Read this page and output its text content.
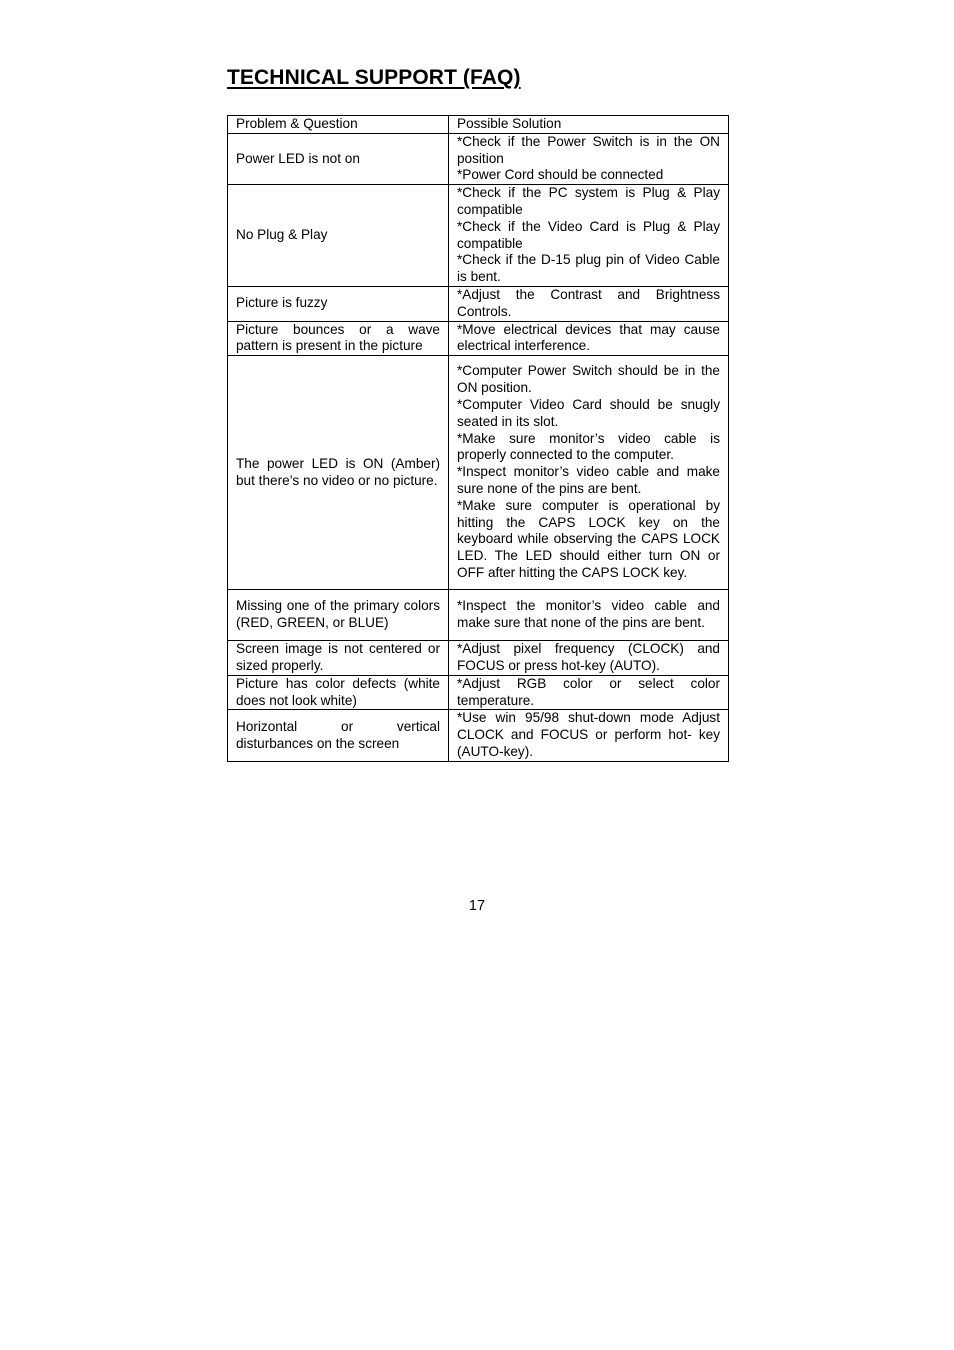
TECHNICAL SUPPORT (FAQ)
Problem & Question	Possible Solution
Power LED is not on	*Check if the Power Switch is in the ON position
*Power Cord should be connected

No Plug & Play	*Check if the PC system is Plug & Play compatible
*Check if the Video Card is Plug & Play compatible
*Check if the D-15 plug pin of Video Cable is bent.

Picture is fuzzy	*Adjust the Contrast and Brightness Controls.

Picture bounces or a wave pattern is present in the picture	*Move electrical devices that may cause electrical interference.

The power LED is ON (Amber) but there’s no video or no picture.	*Computer Power Switch should be in the ON position.
*Computer Video Card should be snugly seated in its slot.
*Make sure monitor’s video cable is properly connected to the computer.
*Inspect monitor’s video cable and make sure none of the pins are bent.
*Make sure computer is operational by hitting the CAPS LOCK key on the keyboard while observing the CAPS LOCK LED. The LED should either turn ON or OFF after hitting the CAPS LOCK key.

Missing one of the primary colors (RED, GREEN, or BLUE)	*Inspect the monitor’s video cable and make sure that none of the pins are bent.

Screen image is not centered or sized properly.	*Adjust pixel frequency (CLOCK) and FOCUS or press hot-key (AUTO).

Picture has color defects (white does not look white)	*Adjust RGB color or select color temperature.

Horizontal or vertical disturbances on the screen	*Use win 95/98 shut-down mode Adjust CLOCK and FOCUS or perform hot- key (AUTO-key).
17
